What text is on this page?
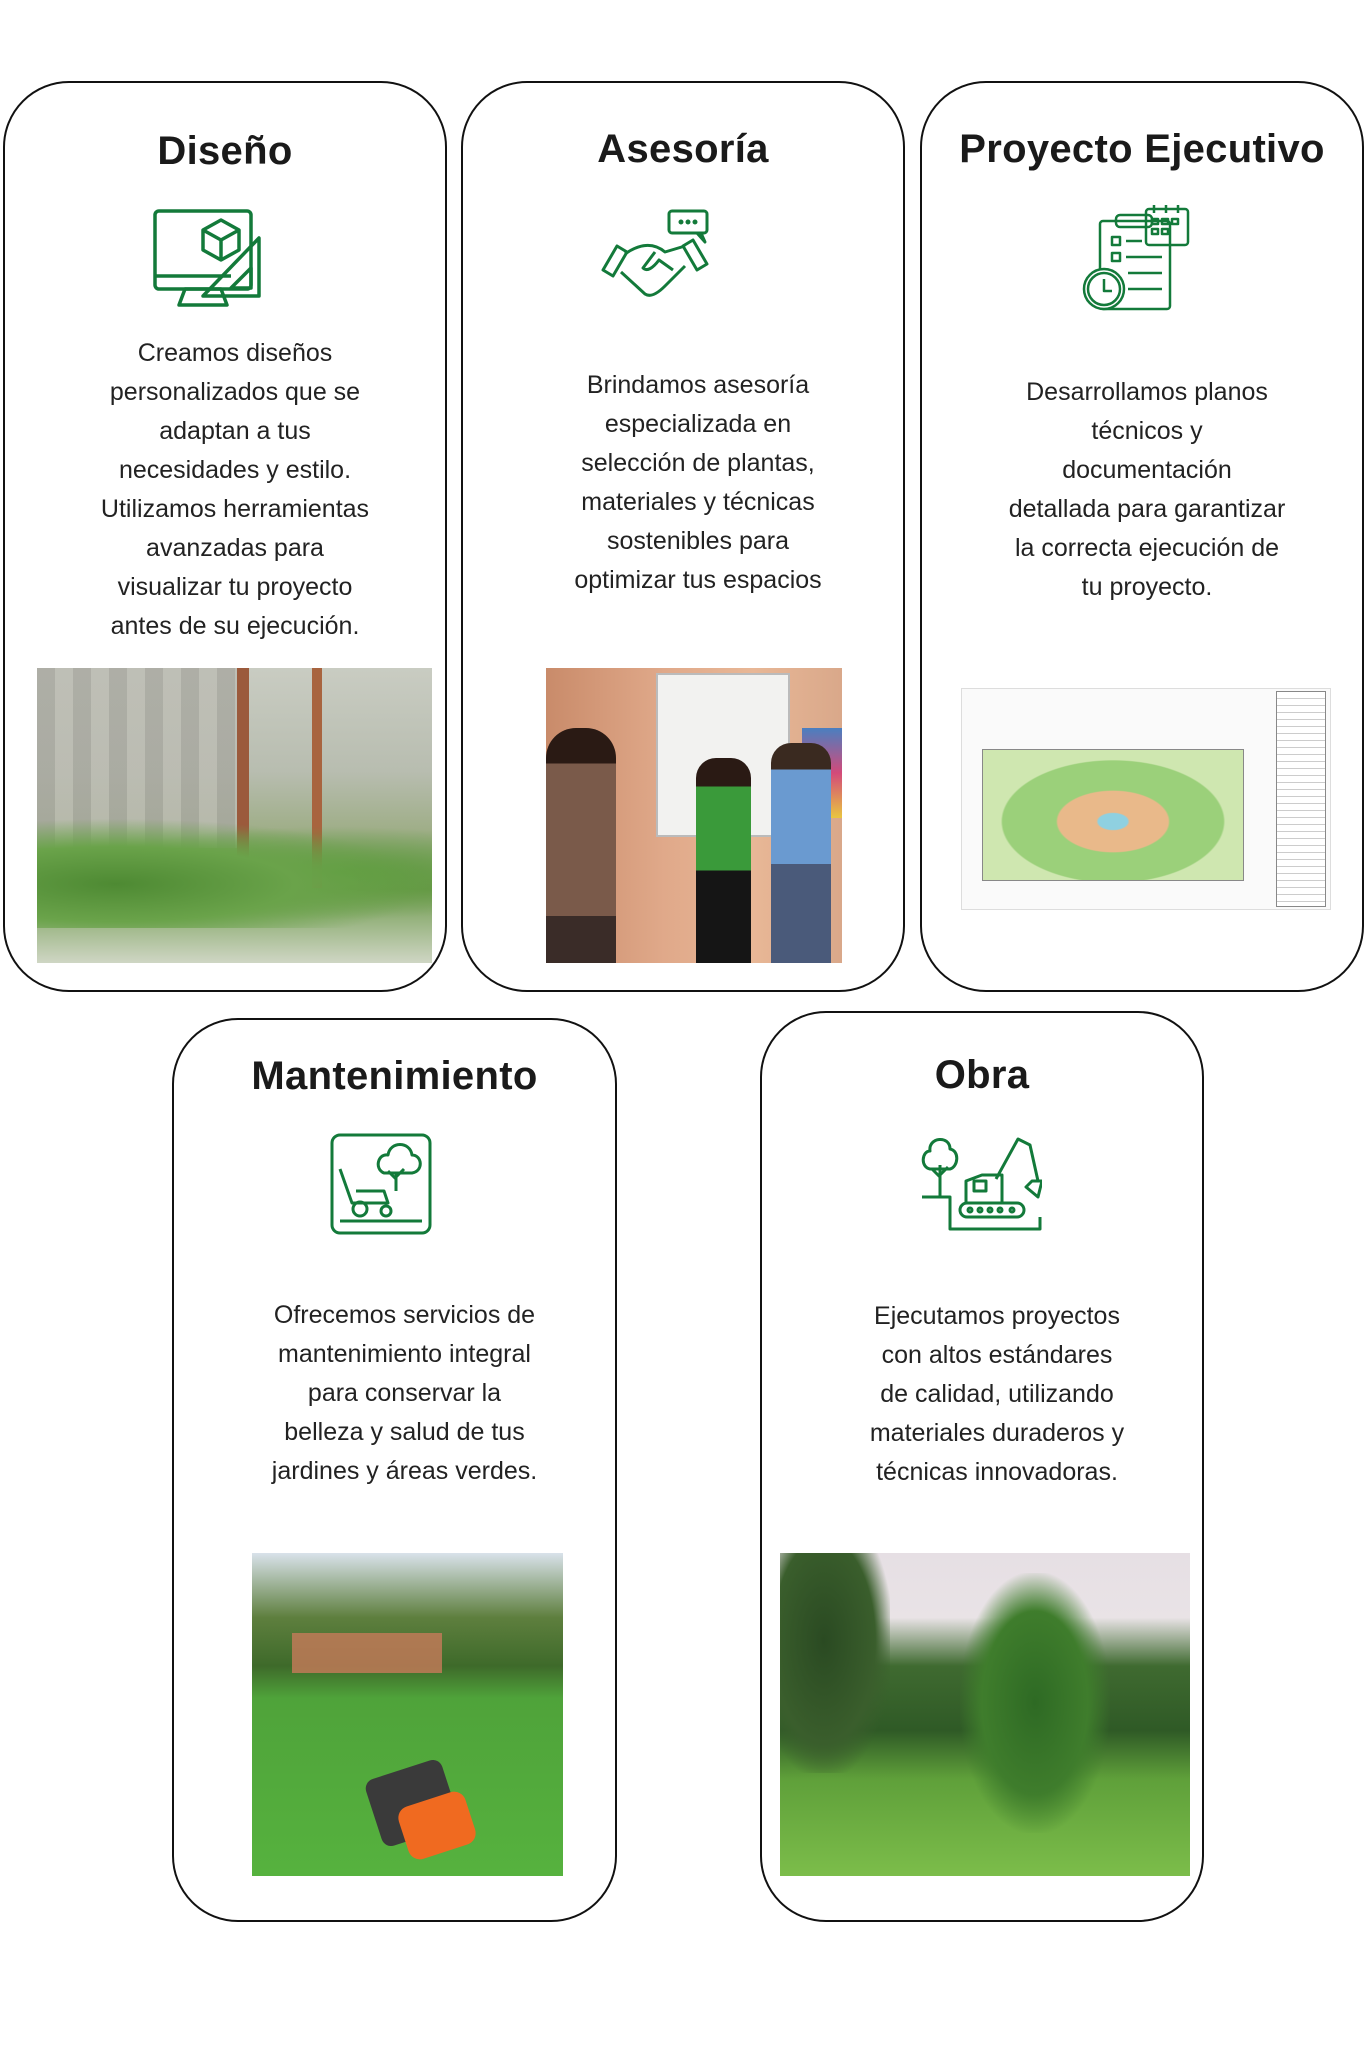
Diseño
Creamos diseños
personalizados que se
adaptan a tus
necesidades y estilo.
Utilizamos herramientas
avanzadas para
visualizar tu proyecto
antes de su ejecución.
Asesoría
Brindamos asesoría
especializada en
selección de plantas,
materiales y técnicas
sostenibles para
optimizar tus espacios
Proyecto Ejecutivo
Desarrollamos planos
técnicos y
documentación
detallada para garantizar
la correcta ejecución de
tu proyecto.
Mantenimiento
Ofrecemos servicios de
mantenimiento integral
para conservar la
belleza y salud de tus
jardines y áreas verdes.
Obra
Ejecutamos proyectos
con altos estándares
de calidad, utilizando
materiales duraderos y
técnicas innovadoras.
